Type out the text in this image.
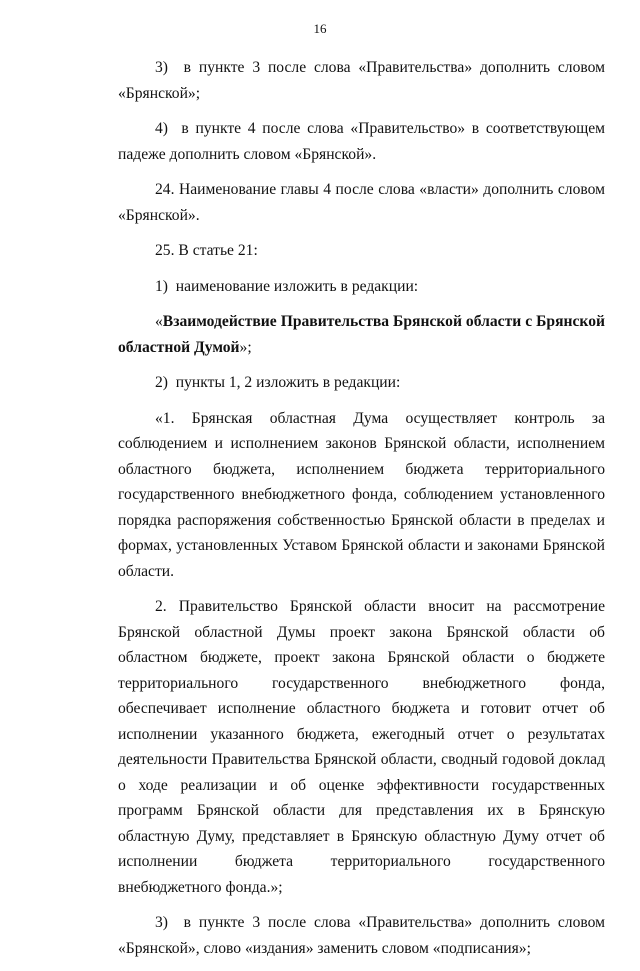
16

3)  в пункте 3 после слова «Правительства» дополнить словом «Брянской»;

4)  в пункте 4 после слова «Правительство» в соответствующем падеже дополнить словом «Брянской».

24. Наименование главы 4 после слова «власти» дополнить словом «Брянской».

25. В статье 21:

1)  наименование изложить в редакции:

«Взаимодействие Правительства Брянской области с Брянской областной Думой»;

2)  пункты 1, 2 изложить в редакции:

«1. Брянская областная Дума осуществляет контроль за соблюдением и исполнением законов Брянской области, исполнением областного бюджета, исполнением бюджета территориального государственного внебюджетного фонда, соблюдением установленного порядка распоряжения собственностью Брянской области в пределах и формах, установленных Уставом Брянской области и законами Брянской области.

2. Правительство Брянской области вносит на рассмотрение Брянской областной Думы проект закона Брянской области об областном бюджете, проект закона Брянской области о бюджете территориального государственного внебюджетного фонда, обеспечивает исполнение областного бюджета и готовит отчет об исполнении указанного бюджета, ежегодный отчет о результатах деятельности Правительства Брянской области, сводный годовой доклад о ходе реализации и об оценке эффективности государственных программ Брянской области для представления их в Брянскую областную Думу, представляет в Брянскую областную Думу отчет об исполнении бюджета территориального государственного внебюджетного фонда.»;

3)  в пункте 3 после слова «Правительства» дополнить словом «Брянской», слово «издания» заменить словом «подписания»;
